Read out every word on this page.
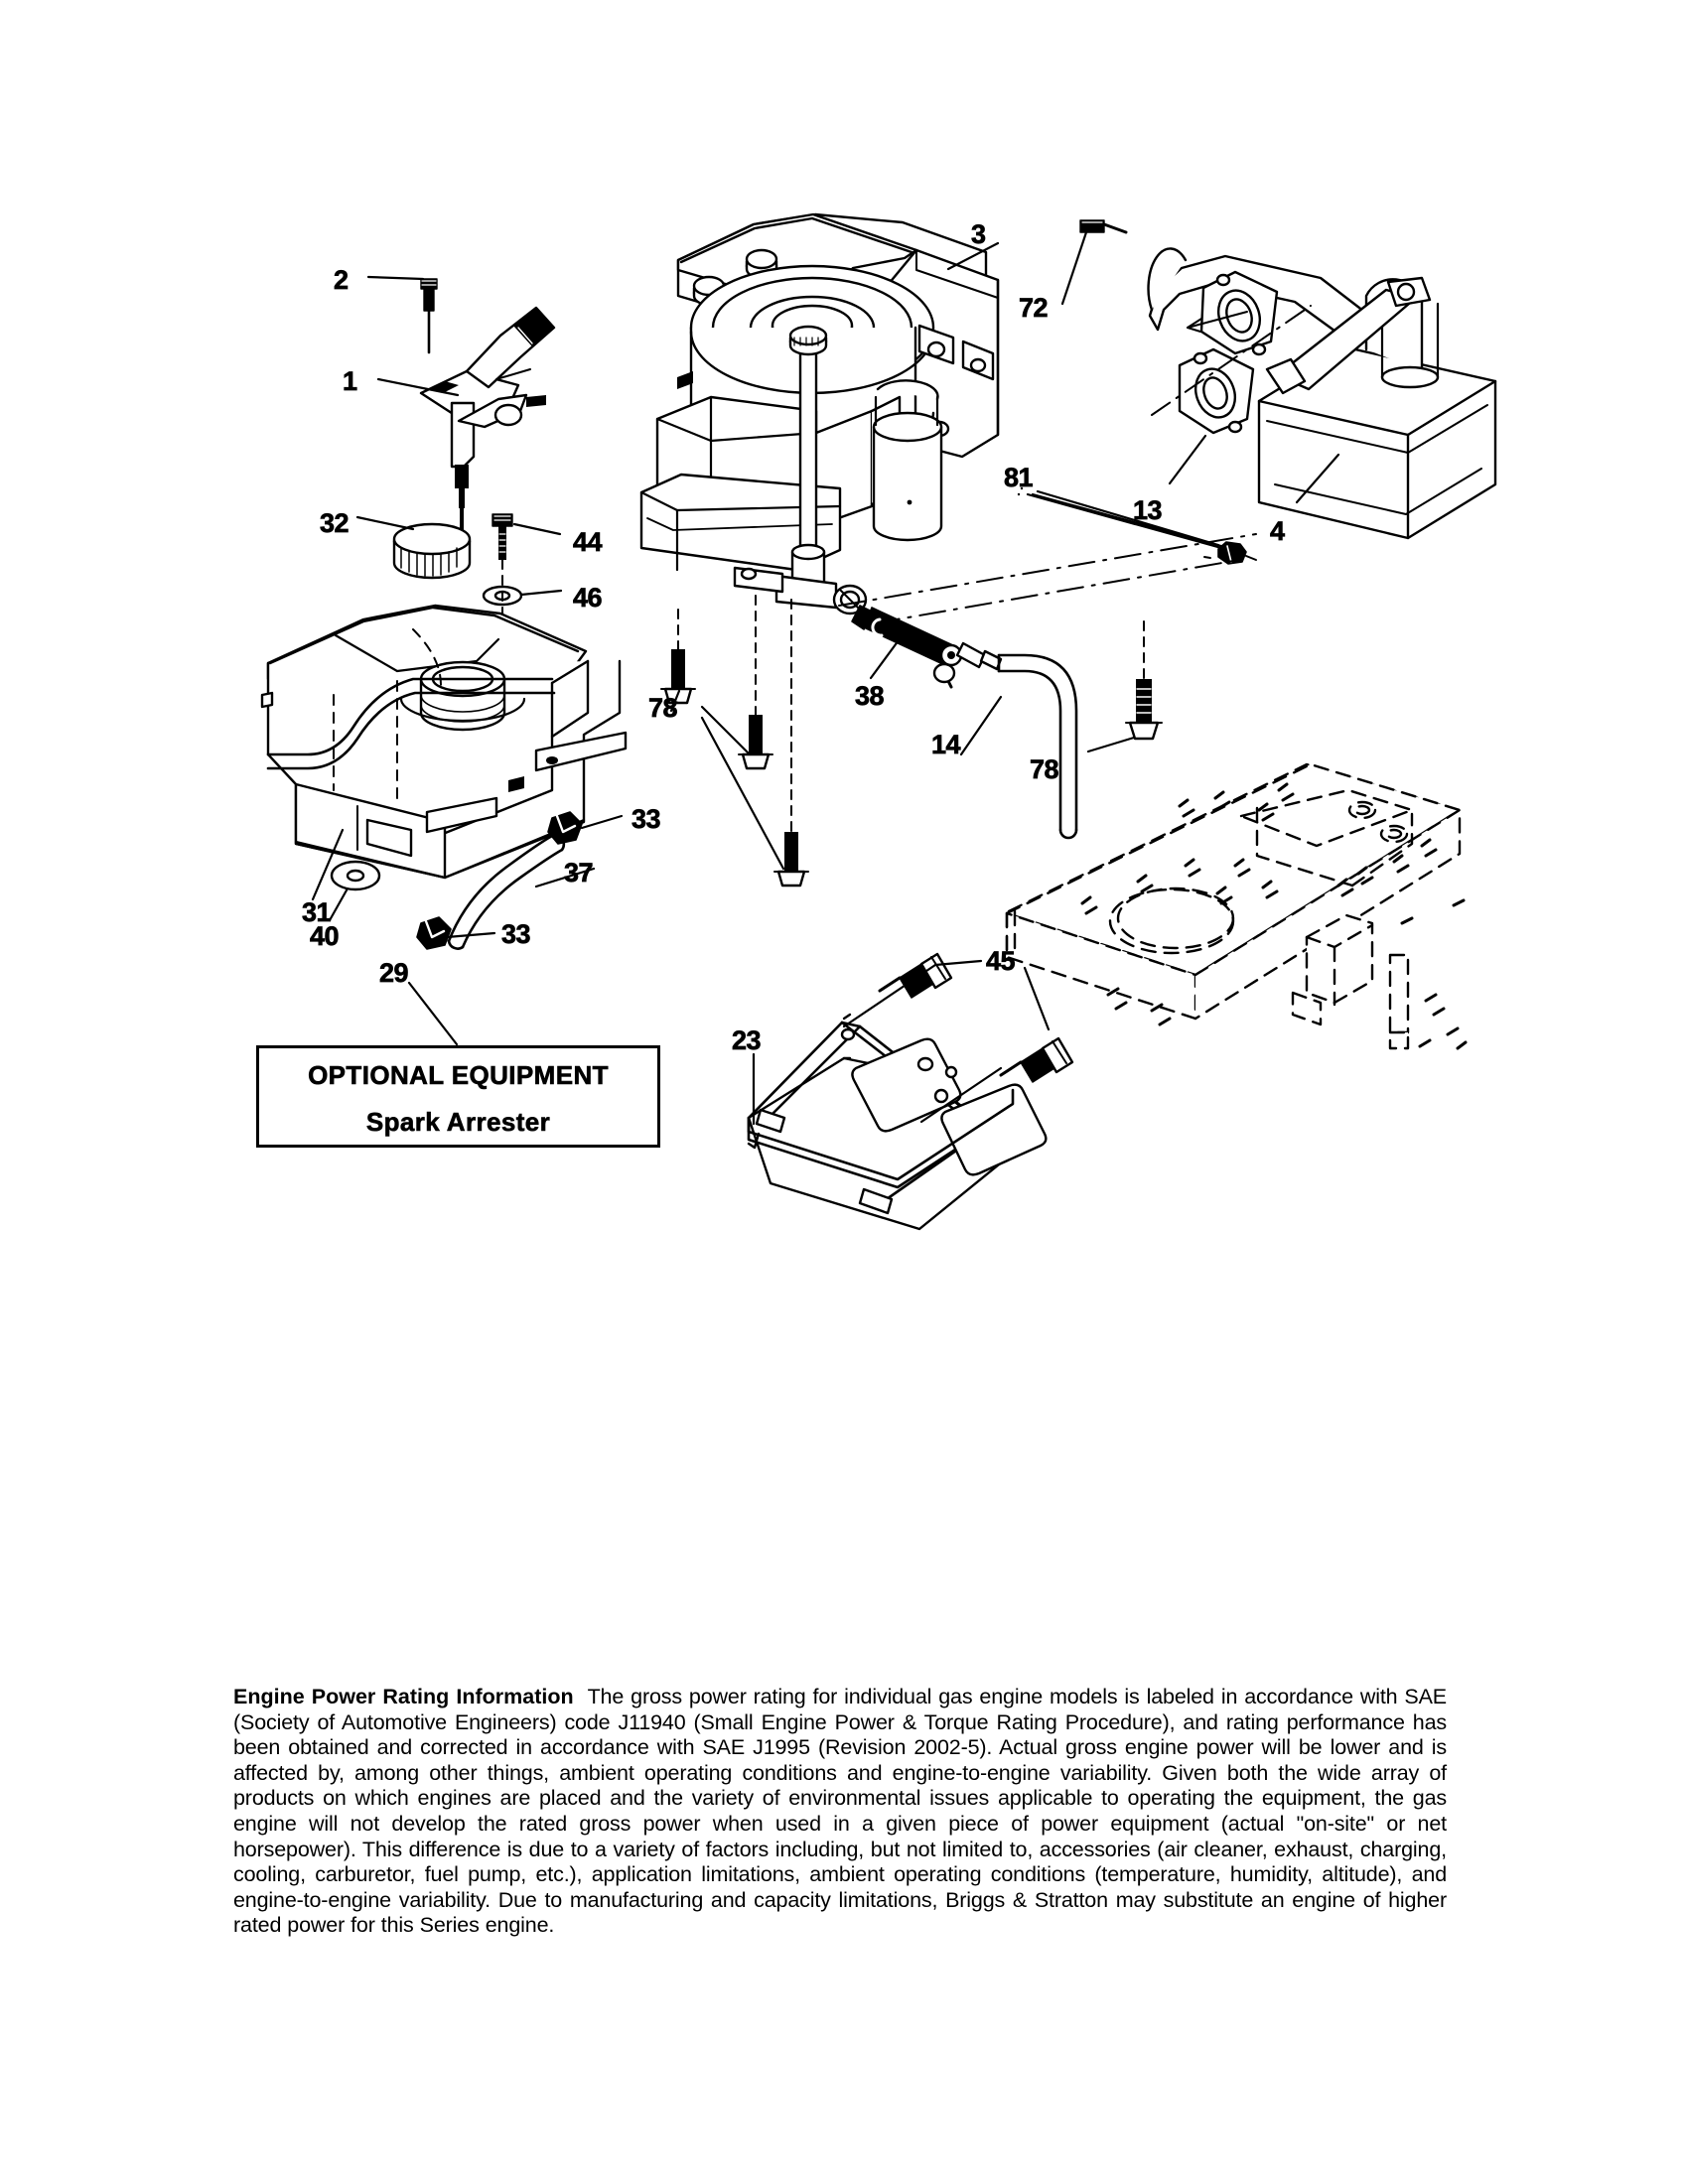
2
1
3
72
13
4
81
32
44
46
31
78	38
14
78
33
37
33
40
29
23
45
OPTIONAL EQUIPMENT
Spark Arrester

Engine Power Rating Information The gross power rating for individual gas engine models is labeled in accordance with SAE (Society of Automotive Engineers) code J11940 (Small Engine Power & Torque Rating Procedure), and rating performance has been obtained and corrected in accordance with SAE J1995 (Revision 2002-5). Actual gross engine power will be lower and is affected by, among other things, ambient operating conditions and engine-to-engine variability. Given both the wide array of products on which engines are placed and the variety of environmental issues applicable to operating the equipment, the gas engine will not develop the rated gross power when used in a given piece of power equipment (actual "on-site" or net horsepower). This difference is due to a variety of factors including, but not limited to, accessories (air cleaner, exhaust, charging, cooling, carburetor, fuel pump, etc.), application limitations, ambient operating conditions (temperature, humidity, altitude), and engine-to-engine variability. Due to manufacturing and capacity limitations, Briggs & Stratton may substitute an engine of higher rated power for this Series engine.
